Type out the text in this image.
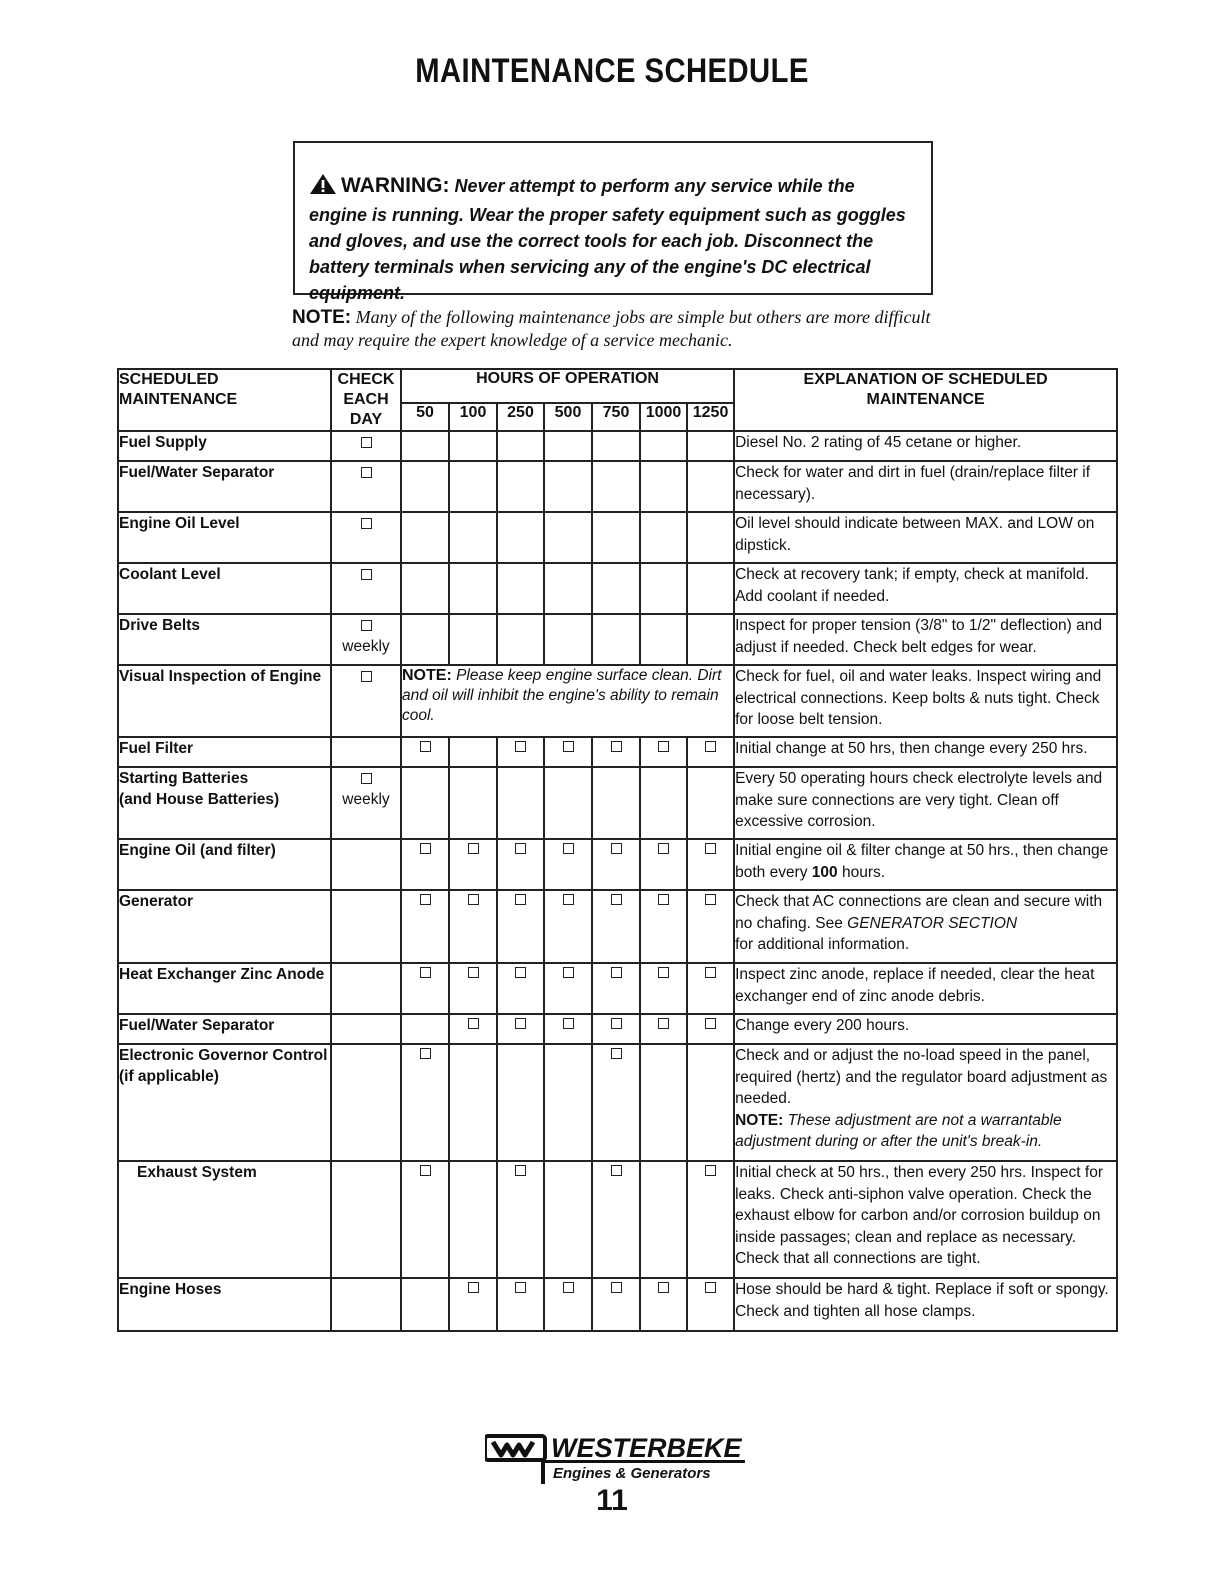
MAINTENANCE SCHEDULE
WARNING: Never attempt to perform any service while the engine is running. Wear the proper safety equipment such as goggles and gloves, and use the correct tools for each job. Disconnect the battery terminals when servicing any of the engine's DC electrical equipment.
NOTE: Many of the following maintenance jobs are simple but others are more difficult and may require the expert knowledge of a service mechanic.
SCHEDULED
MAINTENANCE	CHECK
EACH
DAY	HOURS OF OPERATION							EXPLANATION OF SCHEDULED
MAINTENANCE
		50	100	250	500	750	1000	1250	
Fuel Supply									Diesel No. 2 rating of 45 cetane or higher.
Fuel/Water Separator									Check for water and dirt in fuel (drain/replace filter if necessary).
Engine Oil Level									Oil level should indicate between MAX. and LOW on dipstick.
Coolant Level									Check at recovery tank; if empty, check at manifold. Add coolant if needed.
Drive Belts	weekly								Inspect for proper tension (3/8" to 1/2" deflection) and adjust if needed. Check belt edges for wear.
Visual Inspection of Engine		NOTE: Please keep engine surface clean. Dirt and oil will inhibit the engine's ability to remain cool.							Check for fuel, oil and water leaks. Inspect wiring and electrical connections. Keep bolts & nuts tight. Check for loose belt tension.
Fuel Filter									Initial change at 50 hrs, then change every 250 hrs.
Starting Batteries
(and House Batteries)	weekly								Every 50 operating hours check electrolyte levels and make sure connections are very tight. Clean off excessive corrosion.
Engine Oil (and filter)									Initial engine oil & filter change at 50 hrs., then change both every 100 hours.
Generator									Check that AC connections are clean and secure with no chafing. See GENERATOR SECTION
for additional information.
Heat Exchanger Zinc Anode									Inspect zinc anode, replace if needed, clear the heat exchanger end of zinc anode debris.
Fuel/Water Separator									Change every 200 hours.
Electronic Governor Control
(if applicable)									Check and or adjust the no-load speed in the panel, required (hertz) and the regulator board adjustment as needed.
NOTE: These adjustment are not a warrantable adjustment during or after the unit's break-in.
Exhaust System									Initial check at 50 hrs., then every 250 hrs. Inspect for leaks. Check anti-siphon valve operation. Check the exhaust elbow for carbon and/or corrosion buildup on inside passages; clean and replace as necessary. Check that all connections are tight.
Engine Hoses									Hose should be hard & tight. Replace if soft or spongy. Check and tighten all hose clamps.
WESTERBEKE
Engines & Generators
11
